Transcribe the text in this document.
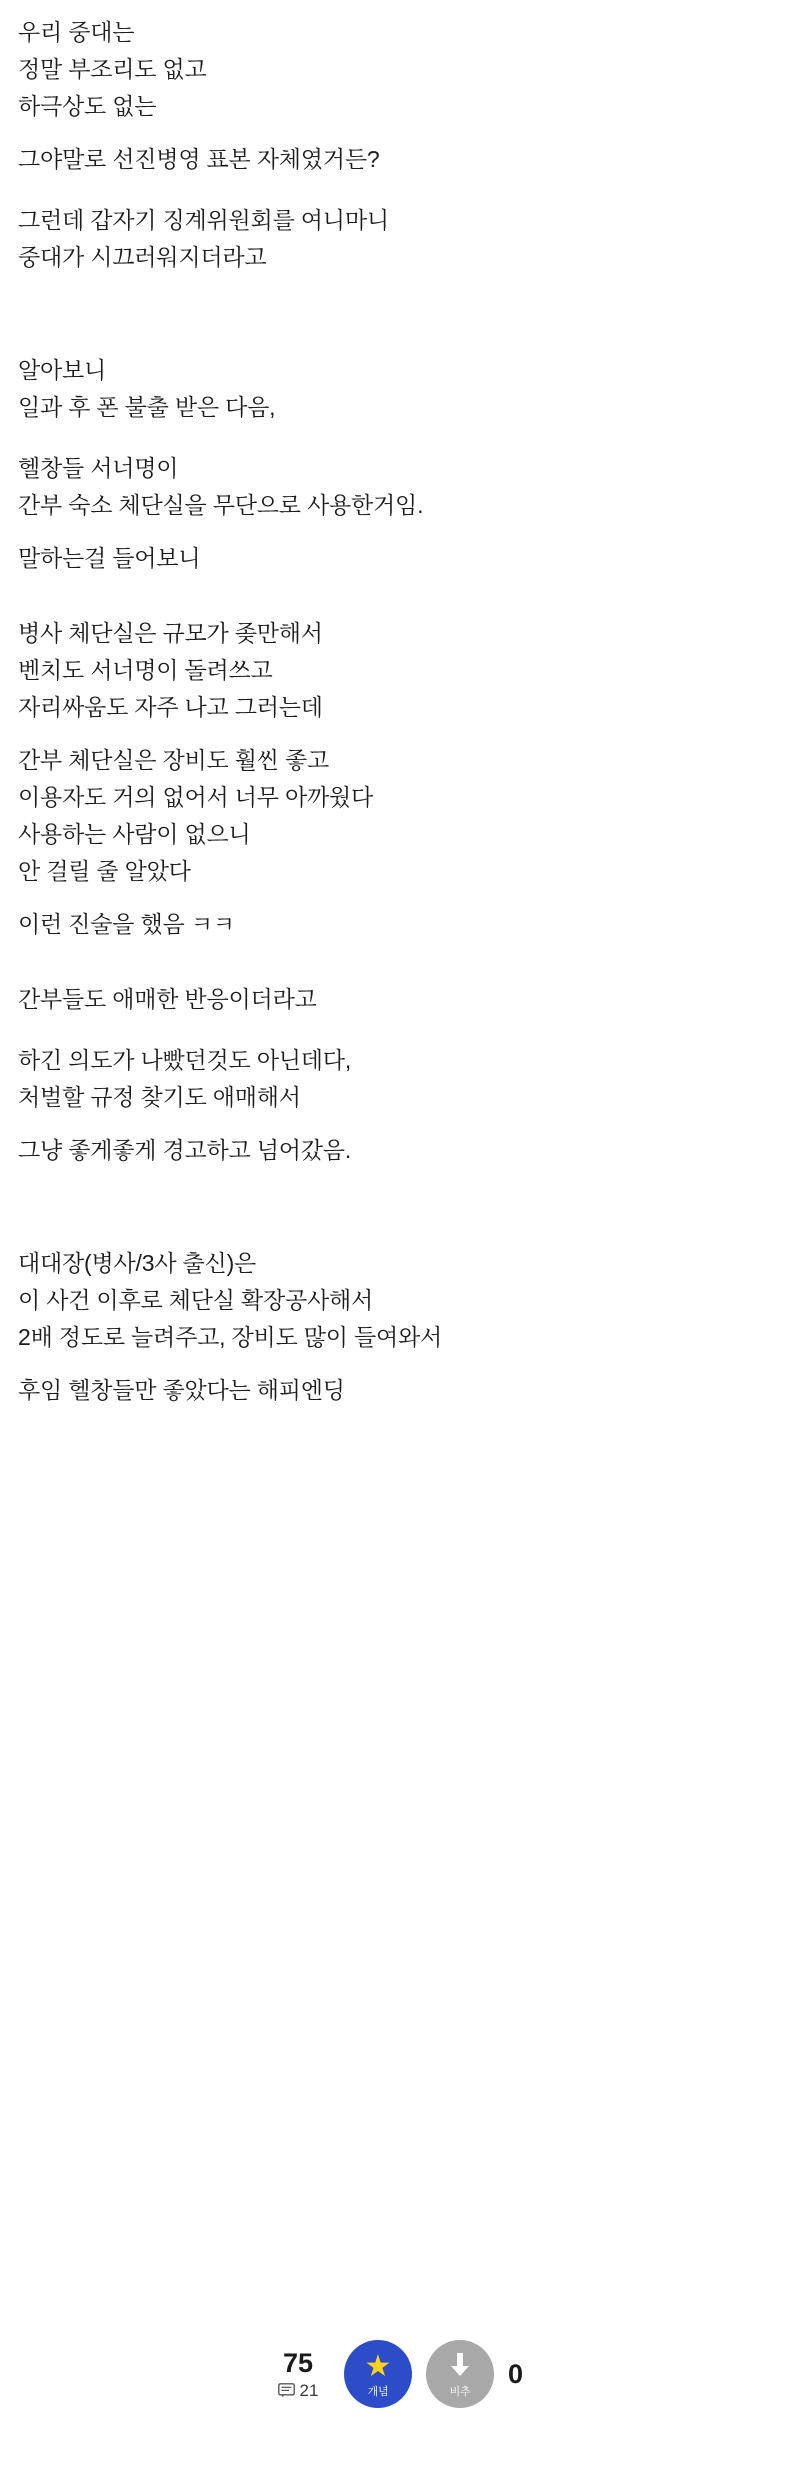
우리 중대는
정말 부조리도 없고
하극상도 없는
그야말로 선진병영 표본 자체였거든?
그런데 갑자기 징계위원회를 여니마니
중대가 시끄러워지더라고
알아보니
일과 후 폰 불출 받은 다음,
헬창들 서너명이
간부 숙소 체단실을 무단으로 사용한거임.
말하는걸 들어보니
병사 체단실은 규모가 좆만해서
벤치도 서너명이 돌려쓰고
자리싸움도 자주 나고 그러는데
간부 체단실은 장비도 훨씬 좋고
이용자도 거의 없어서 너무 아까웠다
사용하는 사람이 없으니
안 걸릴 줄 알았다
이런 진술을 했음 ㅋㅋ
간부들도 애매한 반응이더라고
하긴 의도가 나빴던것도 아닌데다,
처벌할 규정 찾기도 애매해서
그냥 좋게좋게 경고하고 넘어갔음.
대대장(병사/3사 출신)은
이 사건 이후로 체단실 확장공사해서
2배 정도로 늘려주고, 장비도 많이 들여와서
후임 헬창들만 좋았다는 해피엔딩
75
21
★
개념	비추
0
